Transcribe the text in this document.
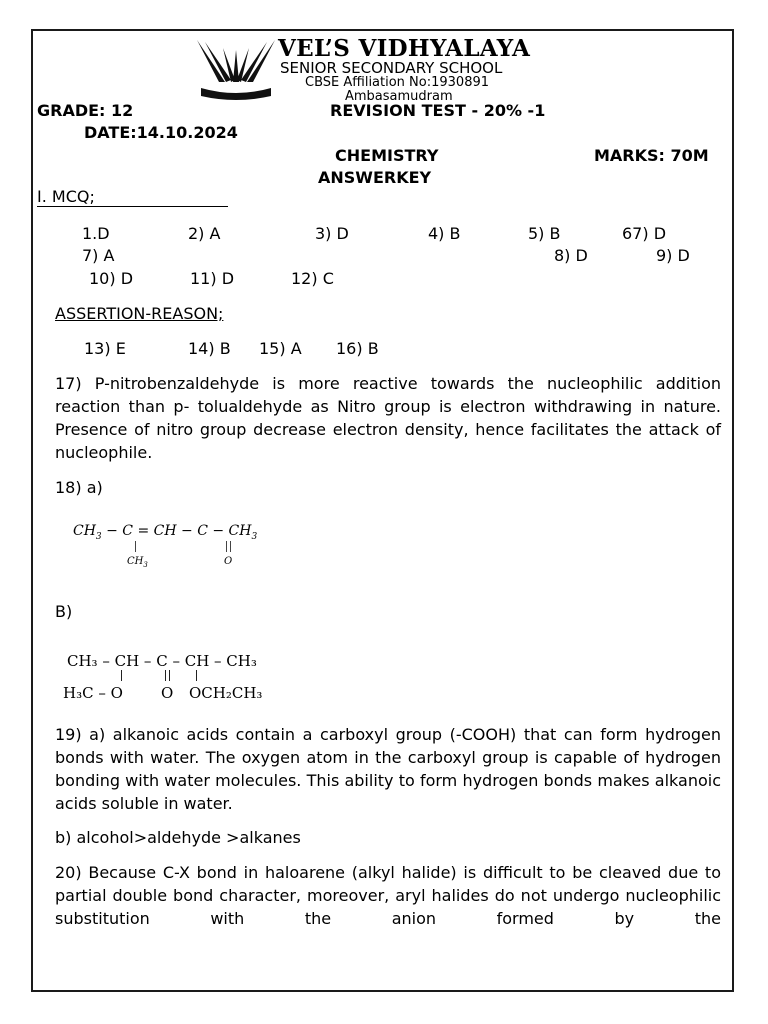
VEL’S VIDHYALAYA
SENIOR SECONDARY SCHOOL
CBSE Affiliation No:1930891
Ambasamudram
GRADE: 12	REVISION TEST - 20% -1
DATE:14.10.2024
CHEMISTRY	MARKS: 70M
ANSWERKEY
I. MCQ;
1.D	2) A	3) D	4) B	5) B	67) D
7) A	8) D	9) D
10) D	11) D	12) C
ASSERTION-REASON;
13) E	14) B 15) A 16) B
17) P-nitrobenzaldehyde is more reactive towards the nucleophilic addition reaction than p- tolualdehyde as Nitro group is electron withdrawing in nature. Presence of nitro group decrease electron density, hence facilitates the attack of nucleophile.
18) a)
$CH_3 - C$ = CH − $C - CH_3$
$CH_3$	O
B)
CH₃ – CH – C – CH – CH₃
H₃C – O	O OCH₂CH₃
19) a) alkanoic acids contain a carboxyl group (-COOH) that can form hydrogen bonds with water. The oxygen atom in the carboxyl group is capable of hydrogen bonding with water molecules. This ability to form hydrogen bonds makes alkanoic acids soluble in water.
b) alcohol>aldehyde >alkanes
20) Because C-X bond in haloarene (alkyl halide) is difficult to be cleaved due to partial double bond character, moreover, aryl halides do not undergo nucleophilic substitution with the anion formed by the
